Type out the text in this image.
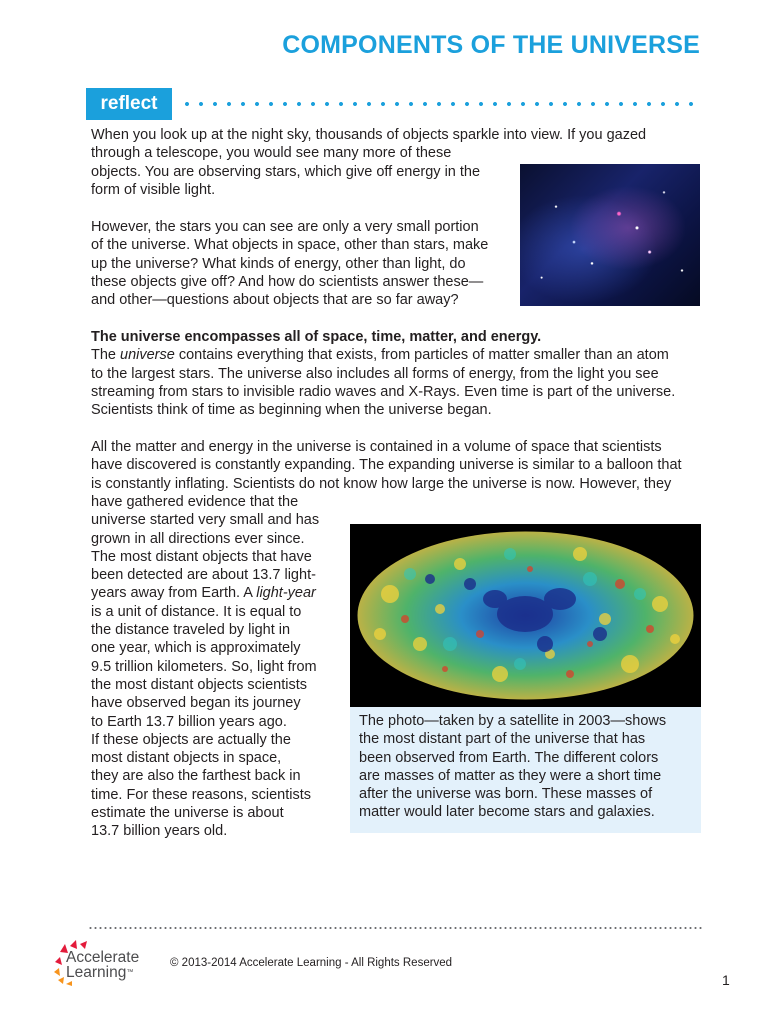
COMPONENTS OF THE UNIVERSE
reflect

When you look up at the night sky, thousands of objects sparkle into view. If you gazed
through a telescope, you would see many more of these
objects. You are observing stars, which give off energy in the
form of visible light.

However, the stars you can see are only a very small portion
of the universe. What objects in space, other than stars, make
up the universe? What kinds of energy, other than light, do
these objects give off? And how do scientists answer these—
and other—questions about objects that are so far away?

The universe encompasses all of space, time, matter, and energy.
The universe contains everything that exists, from particles of matter smaller than an atom
to the largest stars. The universe also includes all forms of energy, from the light you see
streaming from stars to invisible radio waves and X-Rays. Even time is part of the universe.
Scientists think of time as beginning when the universe began.

All the matter and energy in the universe is contained in a volume of space that scientists
have discovered is constantly expanding. The expanding universe is similar to a balloon that
is constantly inflating. Scientists do not know how large the universe is now. However, they

have gathered evidence that the
universe started very small and has
grown in all directions ever since.
The most distant objects that have
been detected are about 13.7 light-
years away from Earth. A light-year
is a unit of distance. It is equal to
the distance traveled by light in
one year, which is approximately
9.5 trillion kilometers. So, light from
the most distant objects scientists
have observed began its journey
to Earth 13.7 billion years ago.
If these objects are actually the
most distant objects in space,
they are also the farthest back in
time. For these reasons, scientists
estimate the universe is about
13.7 billion years old.

The photo—taken by a satellite in 2003—shows
the most distant part of the universe that has
been observed from Earth. The different colors
are masses of matter as they were a short time
after the universe was born. These masses of
matter would later become stars and galaxies.

Accelerate
Learning™
© 2013-2014 Accelerate Learning - All Rights Reserved
1
